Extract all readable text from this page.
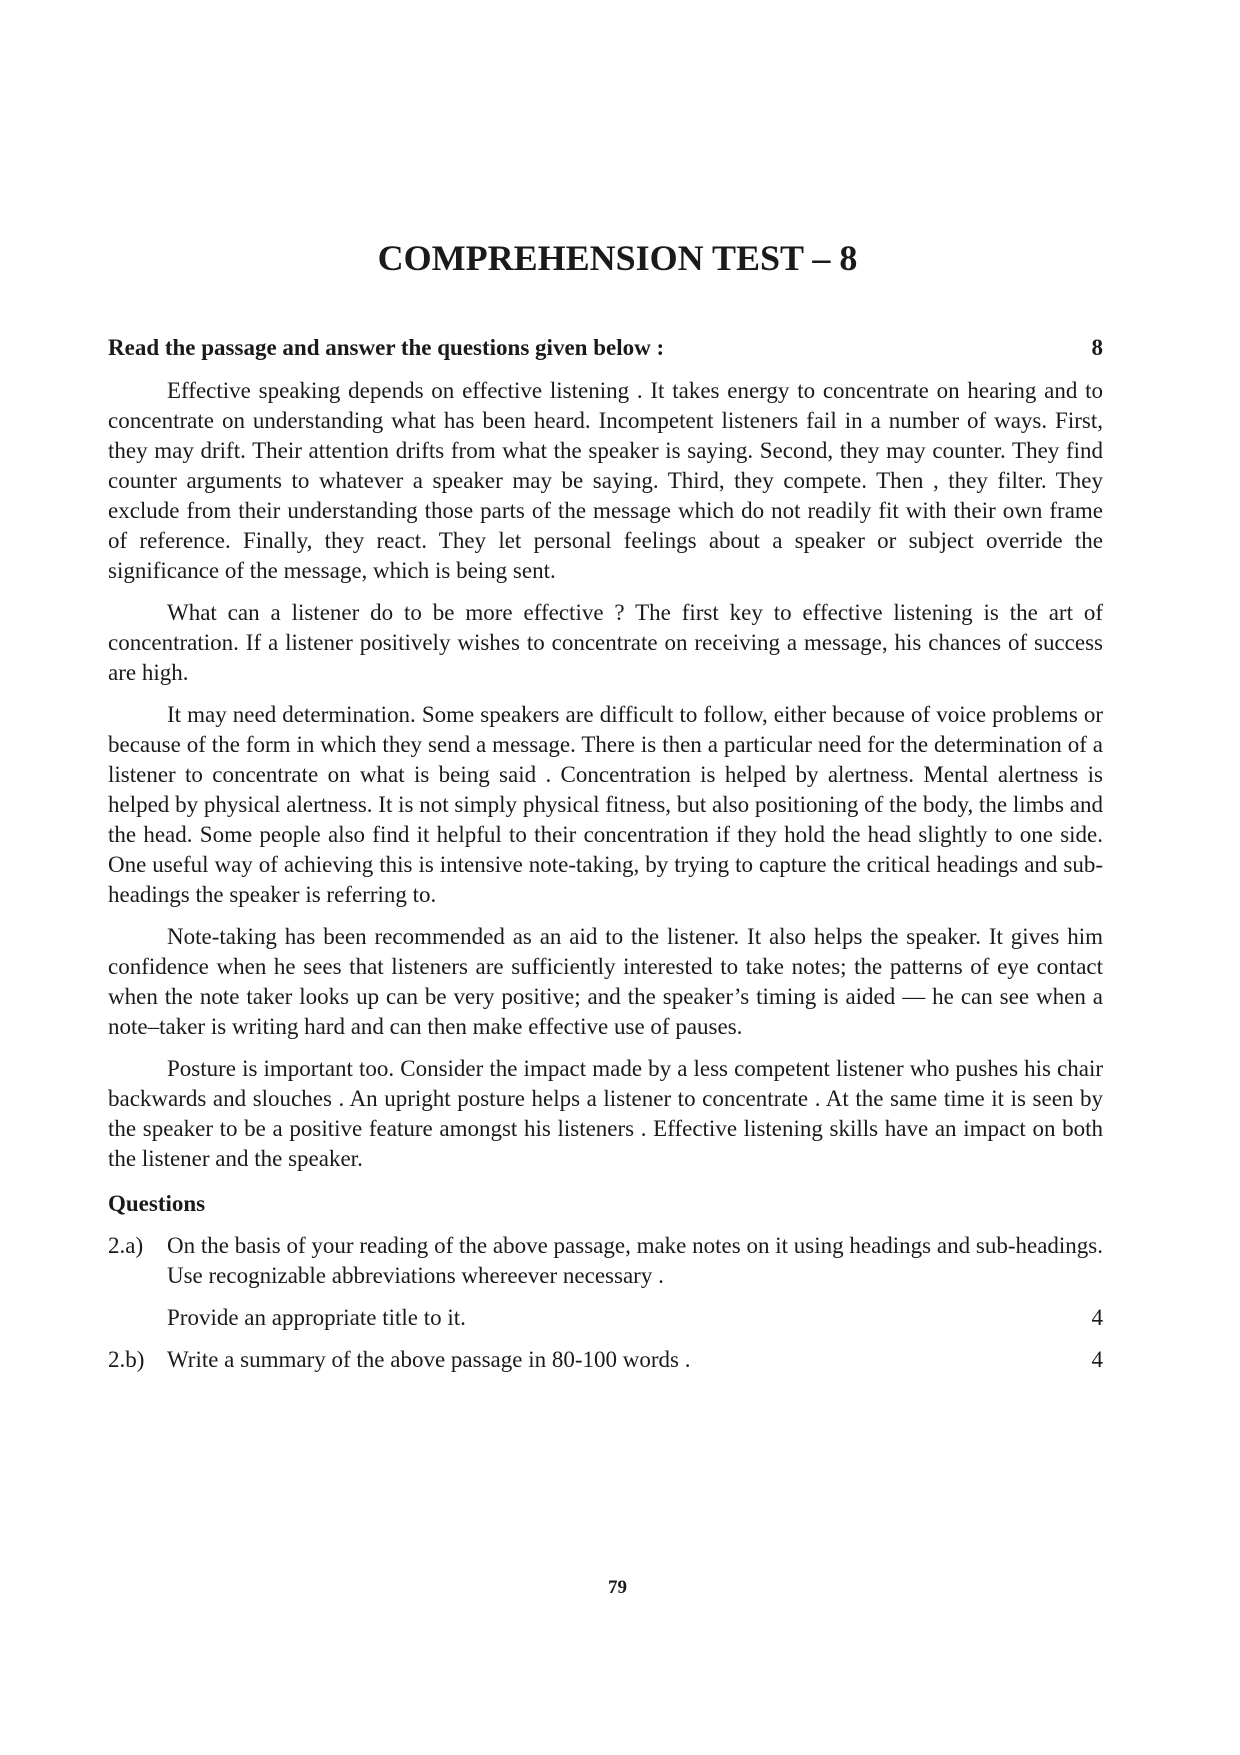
COMPREHENSION TEST – 8
Read the passage and answer the questions given below :	8

Effective speaking depends on effective listening . It takes energy to concentrate on hearing and to concentrate on understanding what has been heard. Incompetent listeners fail in a number of ways. First, they may drift. Their attention drifts from what the speaker is saying. Second, they may counter. They find counter arguments to whatever a speaker may be saying. Third, they compete. Then , they filter. They exclude from their understanding those parts of the message which do not readily fit with their own frame of reference. Finally, they react. They let personal feelings about a speaker or subject override the significance of the message, which is being sent.

What can a listener do to be more effective ? The first key to effective listening is the art of concentration. If a listener positively wishes to concentrate on receiving a message, his chances of success are high.

It may need determination. Some speakers are difficult to follow, either because of voice problems or because of the form in which they send a message. There is then a particular need for the determination of a listener to concentrate on what is being said . Concentration is helped by alertness. Mental alertness is helped by physical alertness. It is not simply physical fitness, but also positioning of the body, the limbs and the head. Some people also find it helpful to their concentration if they hold the head slightly to one side. One useful way of achieving this is intensive note-taking, by trying to capture the critical headings and sub- headings the speaker is referring to.

Note-taking has been recommended as an aid to the listener. It also helps the speaker. It gives him confidence when he sees that listeners are sufficiently interested to take notes; the patterns of eye contact when the note taker looks up can be very positive; and the speaker’s timing is aided — he can see when a note–taker is writing hard and can then make effective use of pauses.

Posture is important too. Consider the impact made by a less competent listener who pushes his chair backwards and slouches . An upright posture helps a listener to concentrate . At the same time it is seen by the speaker to be a positive feature amongst his listeners . Effective listening skills have an impact on both the listener and the speaker.

Questions
2.a)	On the basis of your reading of the above passage, make notes on it using headings and sub-headings. Use recognizable abbreviations whereever necessary .
Provide an appropriate title to it.	4
2.b) Write a summary of the above passage in 80-100 words .	4
79
